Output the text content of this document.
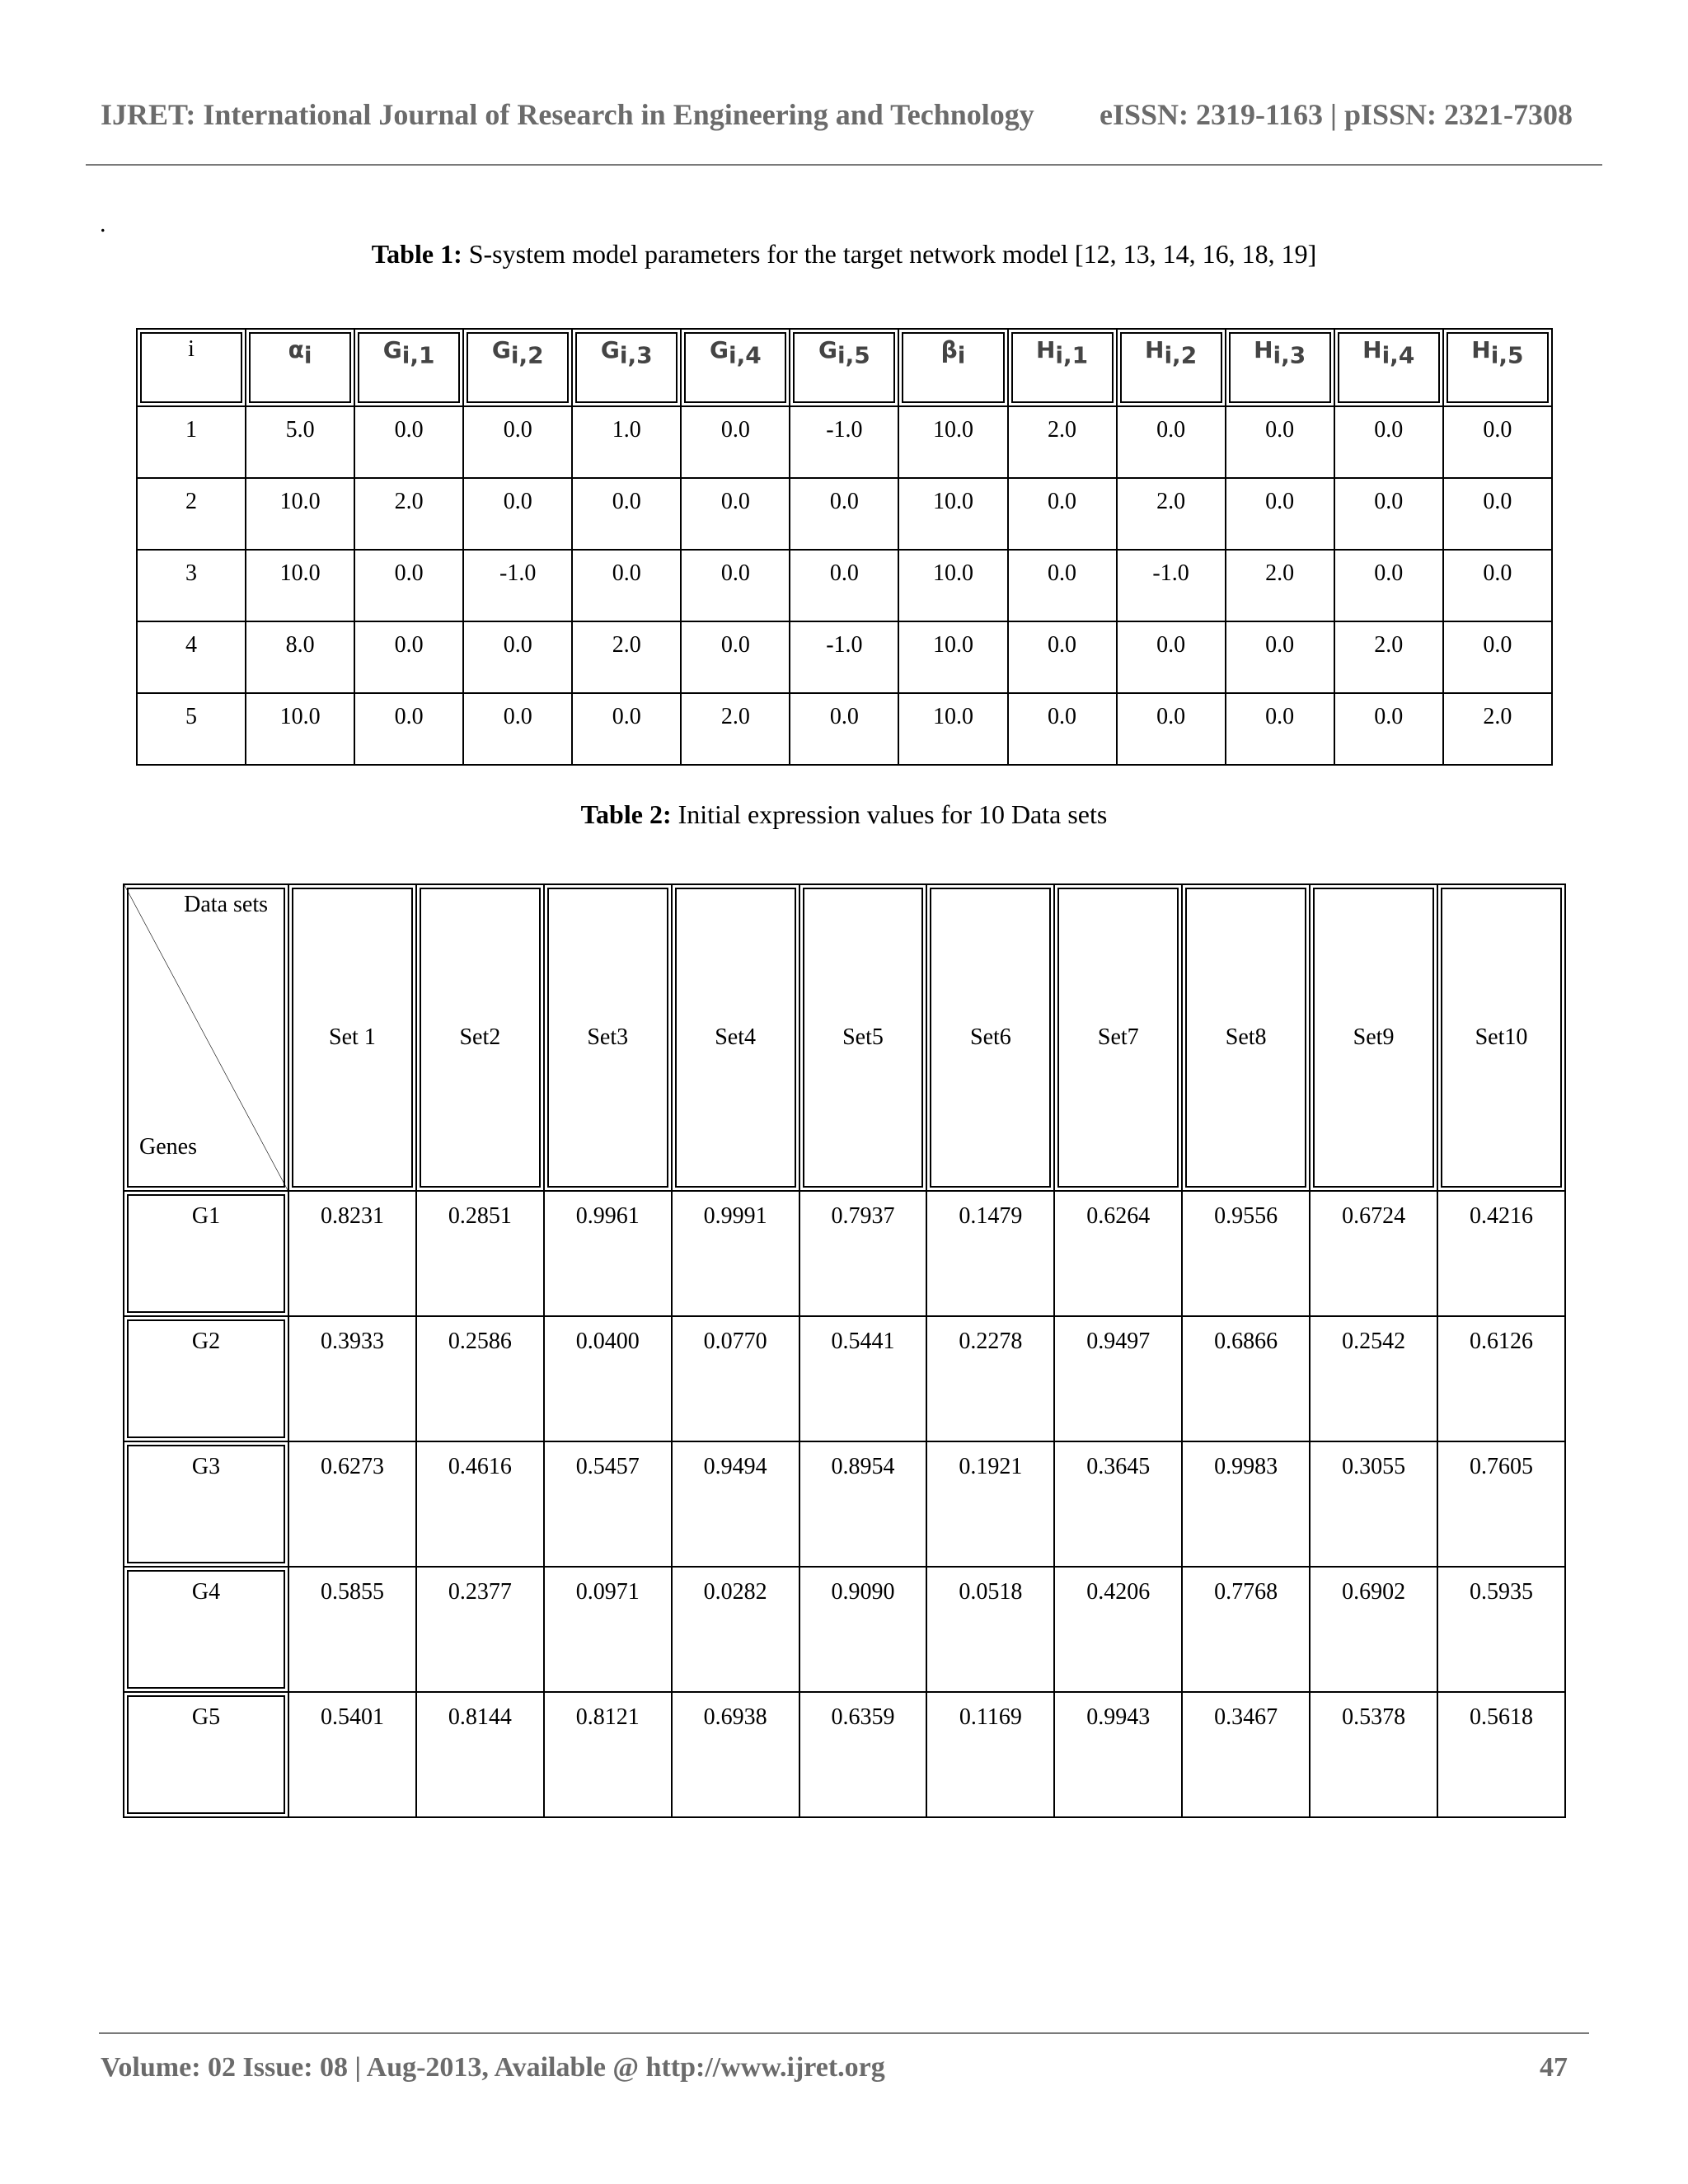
IJRET: International Journal of Research in Engineering and Technology eISSN: 2319-1163 | pISSN: 2321-7308
.
Table 1: S-system model parameters for the target network model [12, 13, 14, 16, 18, 19]
i	$\alpha_i$	$G_{i,1}$	$G_{i,2}$	$G_{i,3}$	$G_{i,4}$	$G_{i,5}$	$\beta_i$	$H_{i,1}$	$H_{i,2}$	$H_{i,3}$	$H_{i,4}$	$H_{i,5}$
1	5.0	0.0	0.0	1.0	0.0	-1.0	10.0	2.0	0.0	0.0	0.0	0.0
2	10.0	2.0	0.0	0.0	0.0	0.0	10.0	0.0	2.0	0.0	0.0	0.0
3	10.0	0.0	-1.0	0.0	0.0	0.0	10.0	0.0	-1.0	2.0	0.0	0.0
4	8.0	0.0	0.0	2.0	0.0	-1.0	10.0	0.0	0.0	0.0	2.0	0.0
5	10.0	0.0	0.0	0.0	2.0	0.0	10.0	0.0	0.0	0.0	0.0	2.0
Table 2: Initial expression values for 10 Data sets
Data sets
Genes	Set 1	Set2	Set3	Set4	Set5	Set6	Set7	Set8	Set9	Set10
G1	0.8231	0.2851	0.9961	0.9991	0.7937	0.1479	0.6264	0.9556	0.6724	0.4216
G2	0.3933	0.2586	0.0400	0.0770	0.5441	0.2278	0.9497	0.6866	0.2542	0.6126
G3	0.6273	0.4616	0.5457	0.9494	0.8954	0.1921	0.3645	0.9983	0.3055	0.7605
G4	0.5855	0.2377	0.0971	0.0282	0.9090	0.0518	0.4206	0.7768	0.6902	0.5935
G5	0.5401	0.8144	0.8121	0.6938	0.6359	0.1169	0.9943	0.3467	0.5378	0.5618
Volume: 02 Issue: 08 | Aug-2013, Available @ http://www.ijret.org	47
